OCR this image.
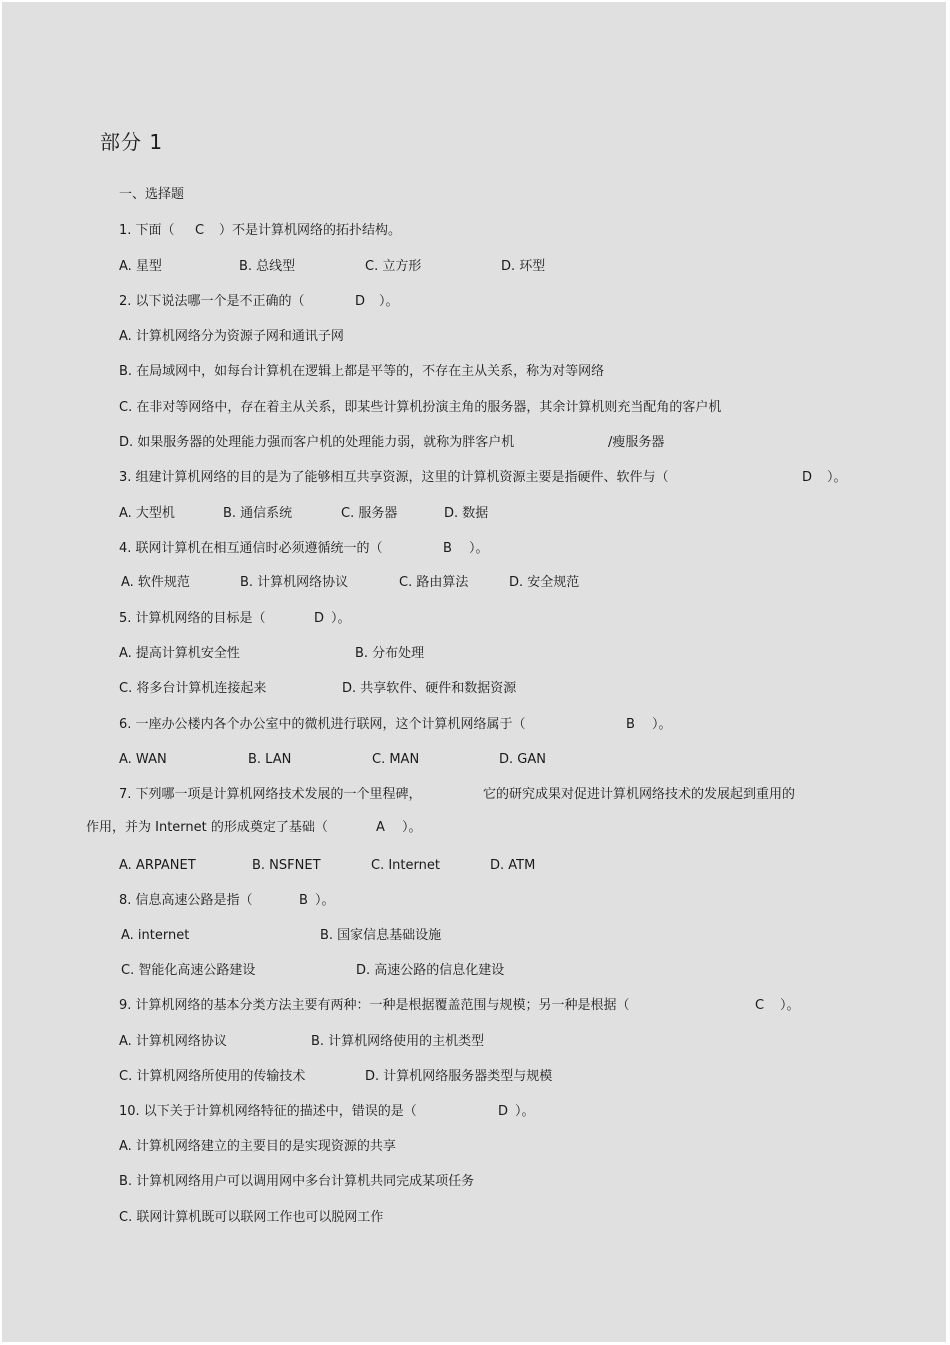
部分 1
一、选择题
1. 下面（ C ）不是计算机网络的拓扑结构。
A. 星型	B. 总线型	C. 立方形	D. 环型
2. 以下说法哪一个是不正确的（	D ）。
A. 计算机网络分为资源子网和通讯子网
B. 在局域网中，如每台计算机在逻辑上都是平等的，不存在主从关系，称为对等网络
C. 在非对等网络中，存在着主从关系，即某些计算机扮演主角的服务器，其余计算机则充当配角的客户机
D. 如果服务器的处理能力强而客户机的处理能力弱，就称为胖客户机	/瘦服务器
3. 组建计算机网络的目的是为了能够相互共享资源，这里的计算机资源主要是指硬件、软件与（	D ）。
A. 大型机	B. 通信系统	C. 服务器	D. 数据
4. 联网计算机在相互通信时必须遵循统一的（	B ）。
A. 软件规范	B. 计算机网络协议	C. 路由算法	D. 安全规范
5. 计算机网络的目标是（	D ）。
A. 提高计算机安全性	B. 分布处理
C. 将多台计算机连接起来	D. 共享软件、硬件和数据资源
6. 一座办公楼内各个办公室中的微机进行联网，这个计算机网络属于（	B ）。
A. WAN	B. LAN	C. MAN	D. GAN
7. 下列哪一项是计算机网络技术发展的一个里程碑，	它的研究成果对促进计算机网络技术的发展起到重用的
作用，并为 Internet 的形成奠定了基础（	A ）。
A. ARPANET	B. NSFNET	C. Internet	D. ATM
8. 信息高速公路是指（	B ）。
A. internet	B. 国家信息基础设施
C. 智能化高速公路建设	D. 高速公路的信息化建设
9. 计算机网络的基本分类方法主要有两种：一种是根据覆盖范围与规模；另一种是根据（	C ）。
A. 计算机网络协议	B. 计算机网络使用的主机类型
C. 计算机网络所使用的传输技术	D. 计算机网络服务器类型与规模
10. 以下关于计算机网络特征的描述中，错误的是（	D ）。
A. 计算机网络建立的主要目的是实现资源的共享
B. 计算机网络用户可以调用网中多台计算机共同完成某项任务
C. 联网计算机既可以联网工作也可以脱网工作
